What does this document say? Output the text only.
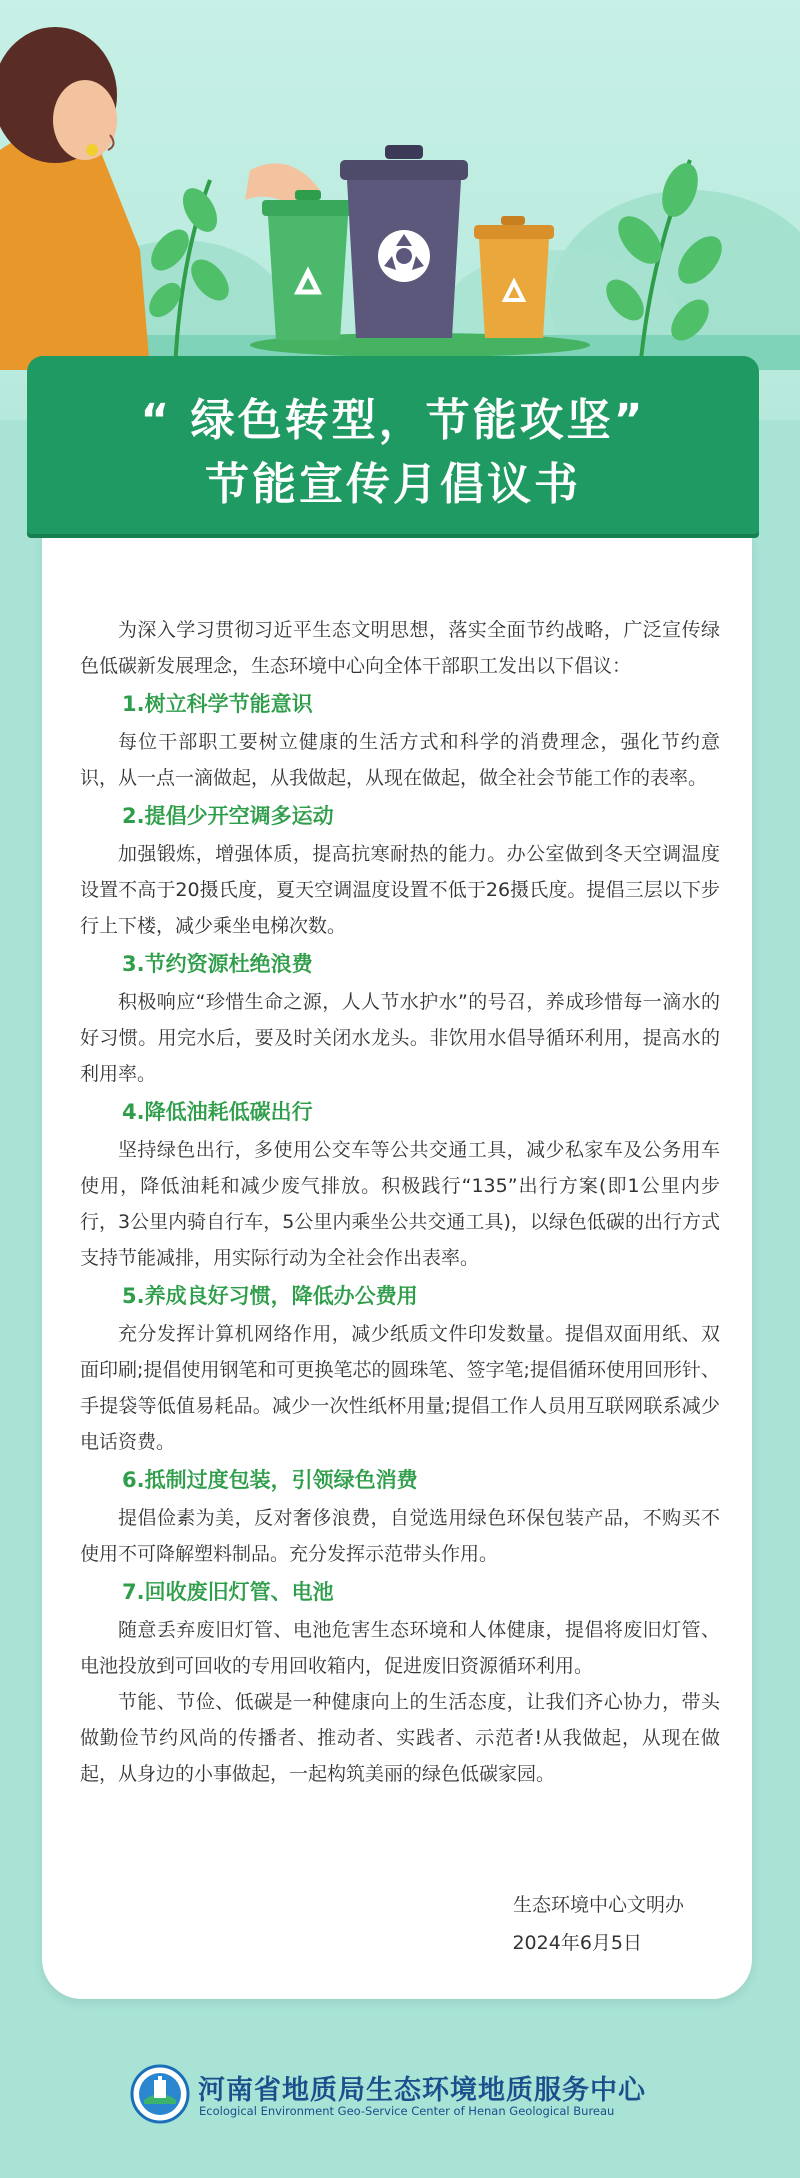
“ 绿色转型，节能攻坚”
节能宣传月倡议书

为深入学习贯彻习近平生态文明思想，落实全面节约战略，广泛宣传绿色低碳新发展理念，生态环境中心向全体干部职工发出以下倡议：

1.树立科学节能意识

每位干部职工要树立健康的生活方式和科学的消费理念，强化节约意识，从一点一滴做起，从我做起，从现在做起，做全社会节能工作的表率。

2.提倡少开空调多运动

加强锻炼，增强体质，提高抗寒耐热的能力。办公室做到冬天空调温度设置不高于20摄氏度，夏天空调温度设置不低于26摄氏度。提倡三层以下步行上下楼，减少乘坐电梯次数。

3.节约资源杜绝浪费

积极响应“珍惜生命之源，人人节水护水”的号召，养成珍惜每一滴水的好习惯。用完水后，要及时关闭水龙头。非饮用水倡导循环利用，提高水的利用率。

4.降低油耗低碳出行

坚持绿色出行，多使用公交车等公共交通工具，减少私家车及公务用车使用，降低油耗和减少废气排放。积极践行“135”出行方案(即1公里内步行，3公里内骑自行车，5公里内乘坐公共交通工具)，以绿色低碳的出行方式支持节能减排，用实际行动为全社会作出表率。

5.养成良好习惯，降低办公费用

充分发挥计算机网络作用，减少纸质文件印发数量。提倡双面用纸、双面印刷;提倡使用钢笔和可更换笔芯的圆珠笔、签字笔;提倡循环使用回形针、手提袋等低值易耗品。减少一次性纸杯用量;提倡工作人员用互联网联系减少电话资费。

6.抵制过度包装，引领绿色消费

提倡俭素为美，反对奢侈浪费，自觉选用绿色环保包装产品，不购买不使用不可降解塑料制品。充分发挥示范带头作用。

7.回收废旧灯管、电池

随意丢弃废旧灯管、电池危害生态环境和人体健康，提倡将废旧灯管、电池投放到可回收的专用回收箱内，促进废旧资源循环利用。

节能、节俭、低碳是一种健康向上的生活态度，让我们齐心协力，带头做勤俭节约风尚的传播者、推动者、实践者、示范者!从我做起，从现在做起，从身边的小事做起，一起构筑美丽的绿色低碳家园。

生态环境中心文明办
2024年6月5日
河南省地质局生态环境地质服务中心
Ecological Environment Geo-Service Center of Henan Geological Bureau
